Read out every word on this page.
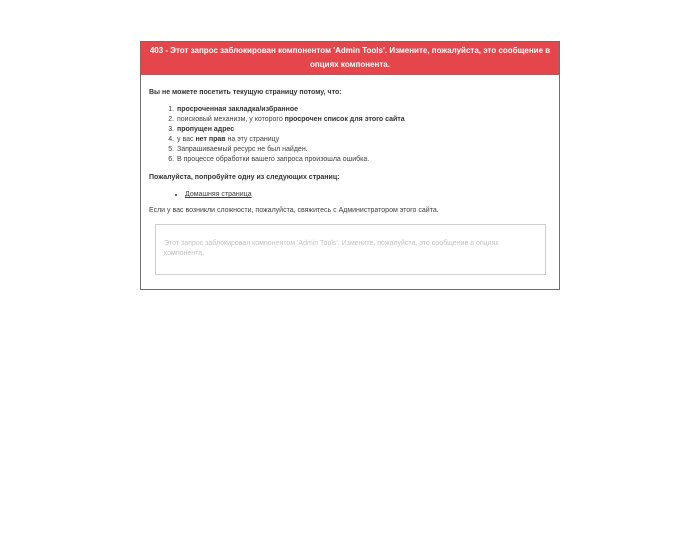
403 - Этот запрос заблокирован компонентом 'Admin Tools'. Измените, пожалуйста, это сообщение в опциях компонента.

Вы не можете посетить текущую страницу потому, что:

1. просроченная закладка/избранное
2. поисковый механизм, у которого просрочен список для этого сайта
3. пропущен адрес
4. у вас нет прав на эту страницу
5. Запрашиваемый ресурс не был найден.
6. В процессе обработки вашего запроса произошла ошибка.

Пожалуйста, попробуйте одну из следующих страниц:

• Домашняя страница

Если у вас возникли сложности, пожалуйста, свяжитесь с Администратором этого сайта.

Этот запрос заблокирован компонентом 'Admin Tools'. Измените, пожалуйста, это сообщение в опциях компонента.
